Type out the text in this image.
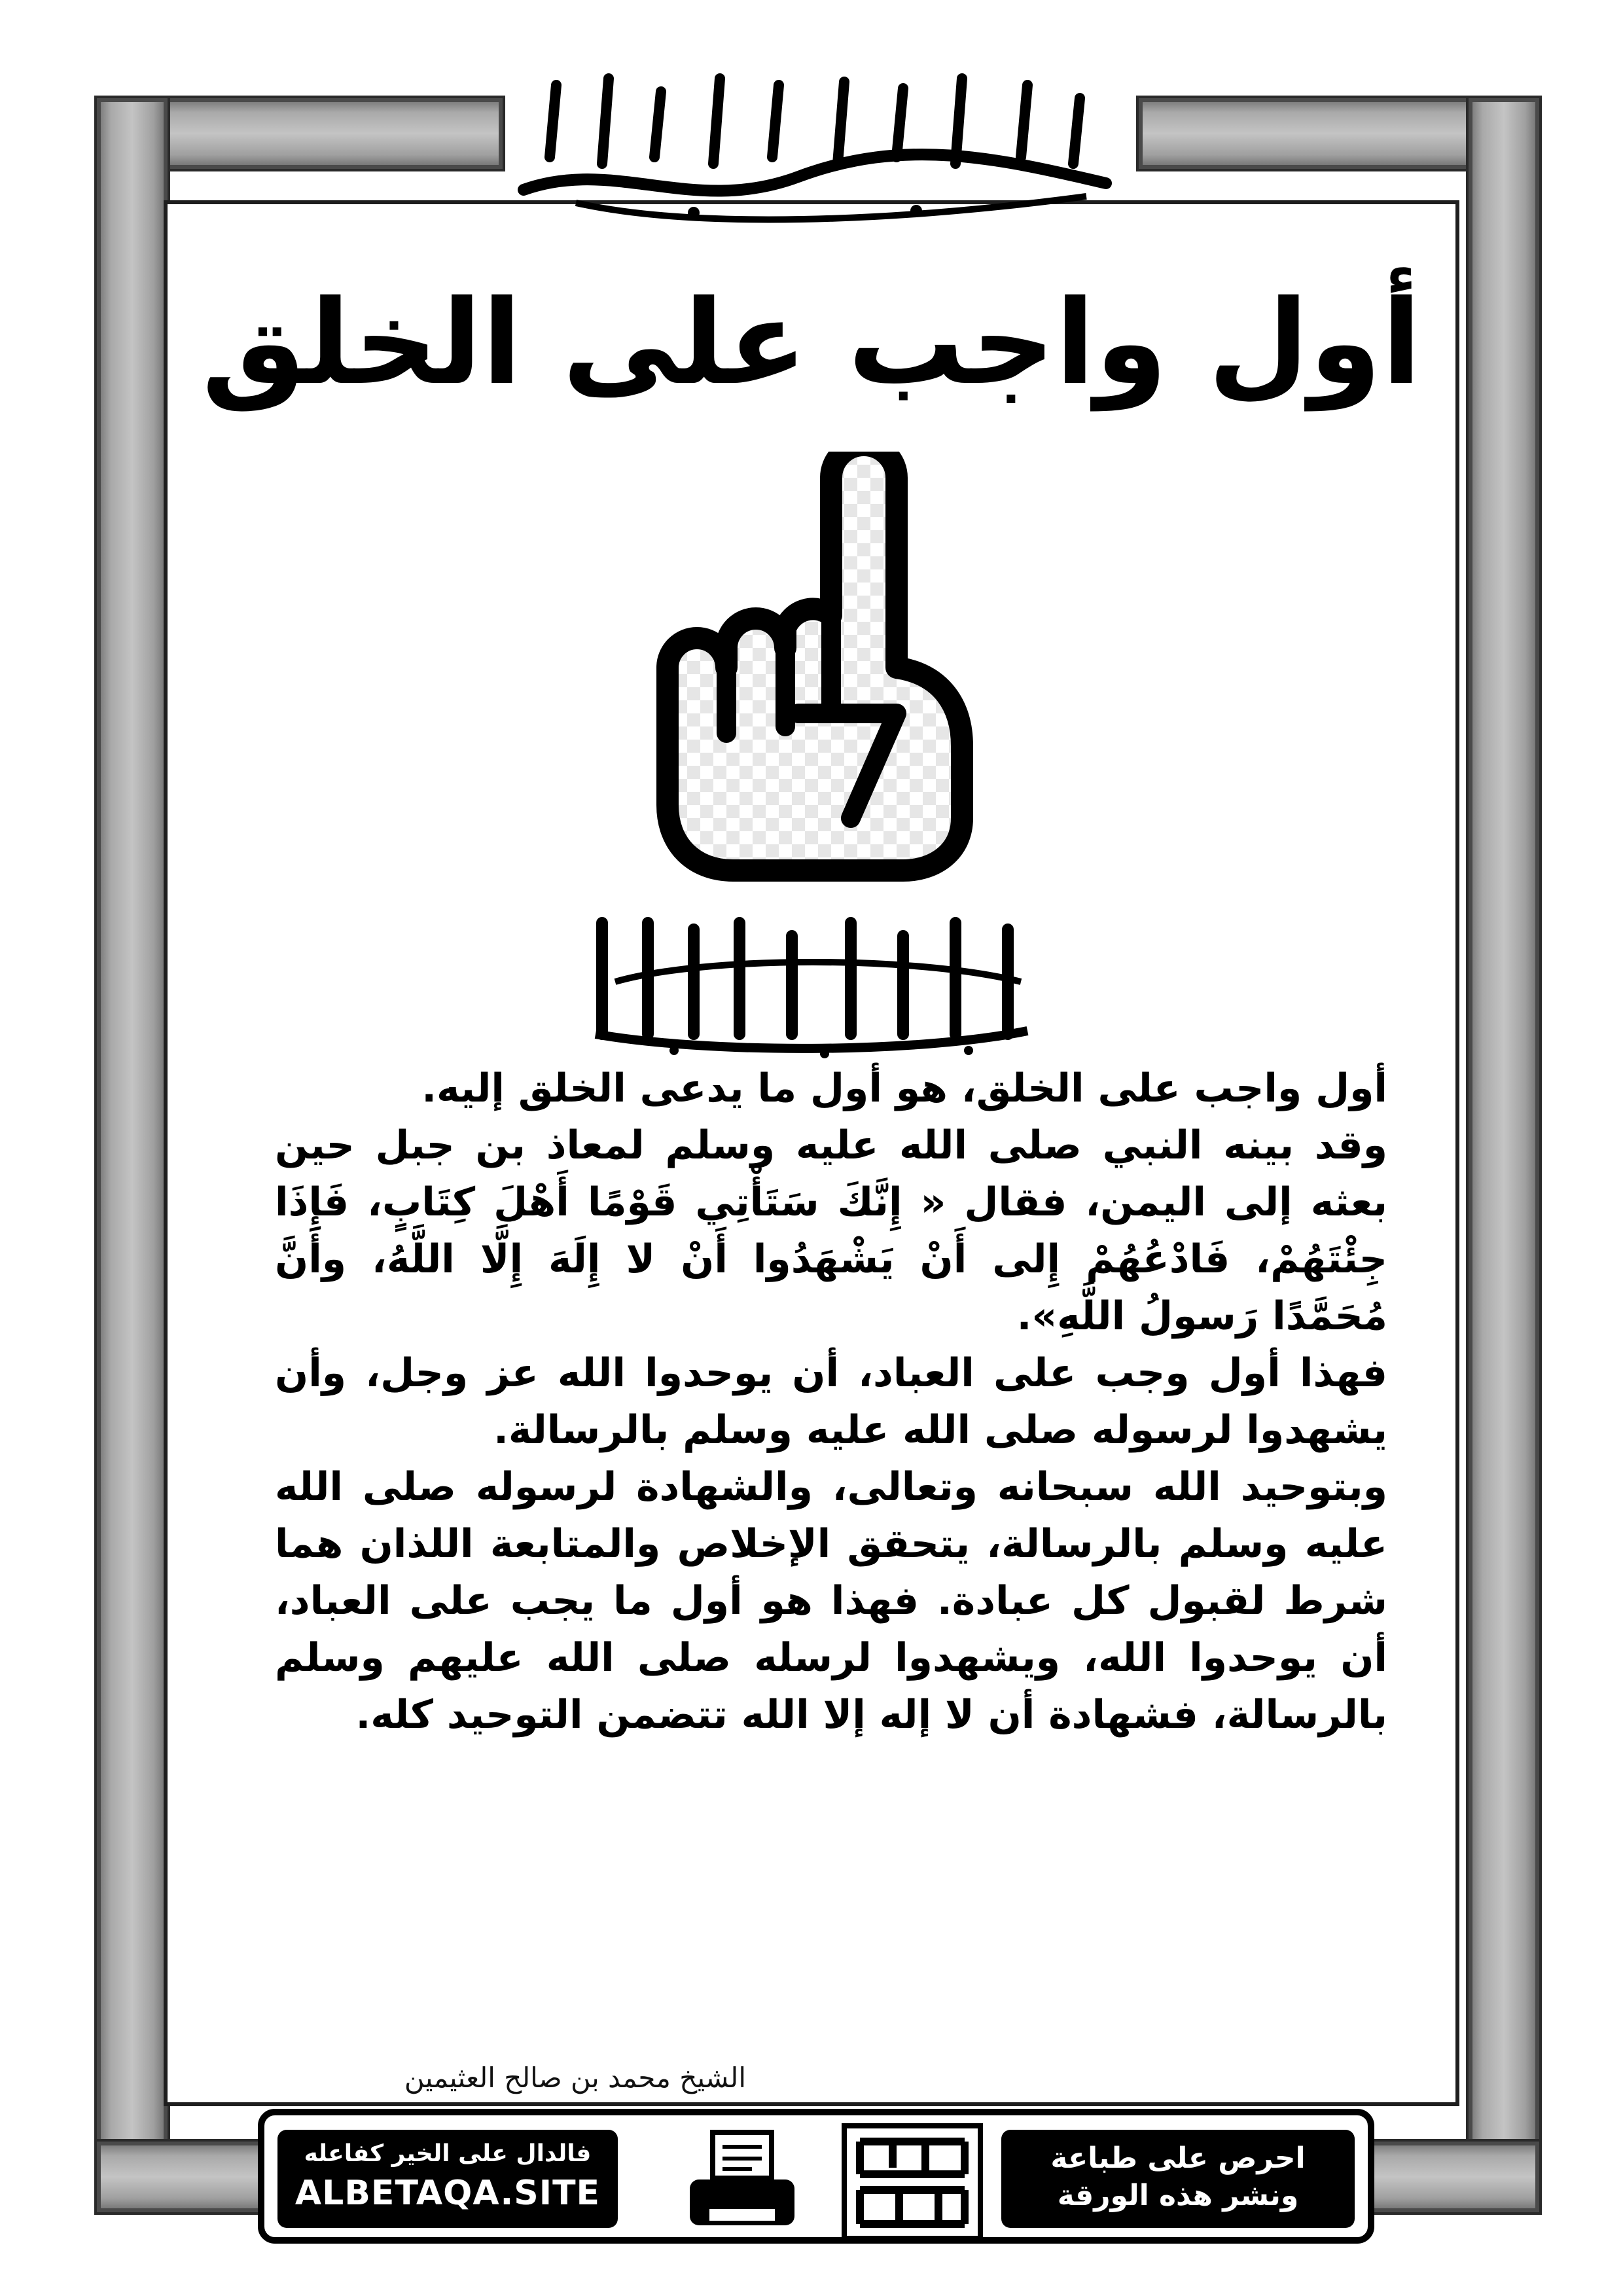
أول واجب على الخلق

أول واجب على الخلق، هو أول ما يدعى الخلق إليه.

وقد بينه النبي صلى الله عليه وسلم لمعاذ بن جبل حين بعثه إلى اليمن، فقال « إِنَّكَ سَتَأْتِي قَوْمًا أَهْلَ كِتَابٍ، فَإِذَا جِئْتَهُمْ، فَادْعُهُمْ إِلى أَنْ يَشْهَدُوا أَنْ لا إِلَهَ إِلَّا اللَّهُ، وأَنَّ مُحَمَّدًا رَسولُ اللَّهِ».

فهذا أول وجب على العباد، أن يوحدوا الله عز وجل، وأن يشهدوا لرسوله صلى الله عليه وسلم بالرسالة.

وبتوحيد الله سبحانه وتعالى، والشهادة لرسوله صلى الله عليه وسلم بالرسالة، يتحقق الإخلاص والمتابعة اللذان هما شرط لقبول كل عبادة. فهذا هو أول ما يجب على العباد، أن يوحدوا الله، ويشهدوا لرسله صلى الله عليهم وسلم بالرسالة، فشهادة أن لا إله إلا الله تتضمن التوحيد كله.

الشيخ محمد بن صالح العثيمين
فالدال على الخير كفاعله
ALBETAQA.SITE
احرص على طباعة
ونشر هذه الورقة
